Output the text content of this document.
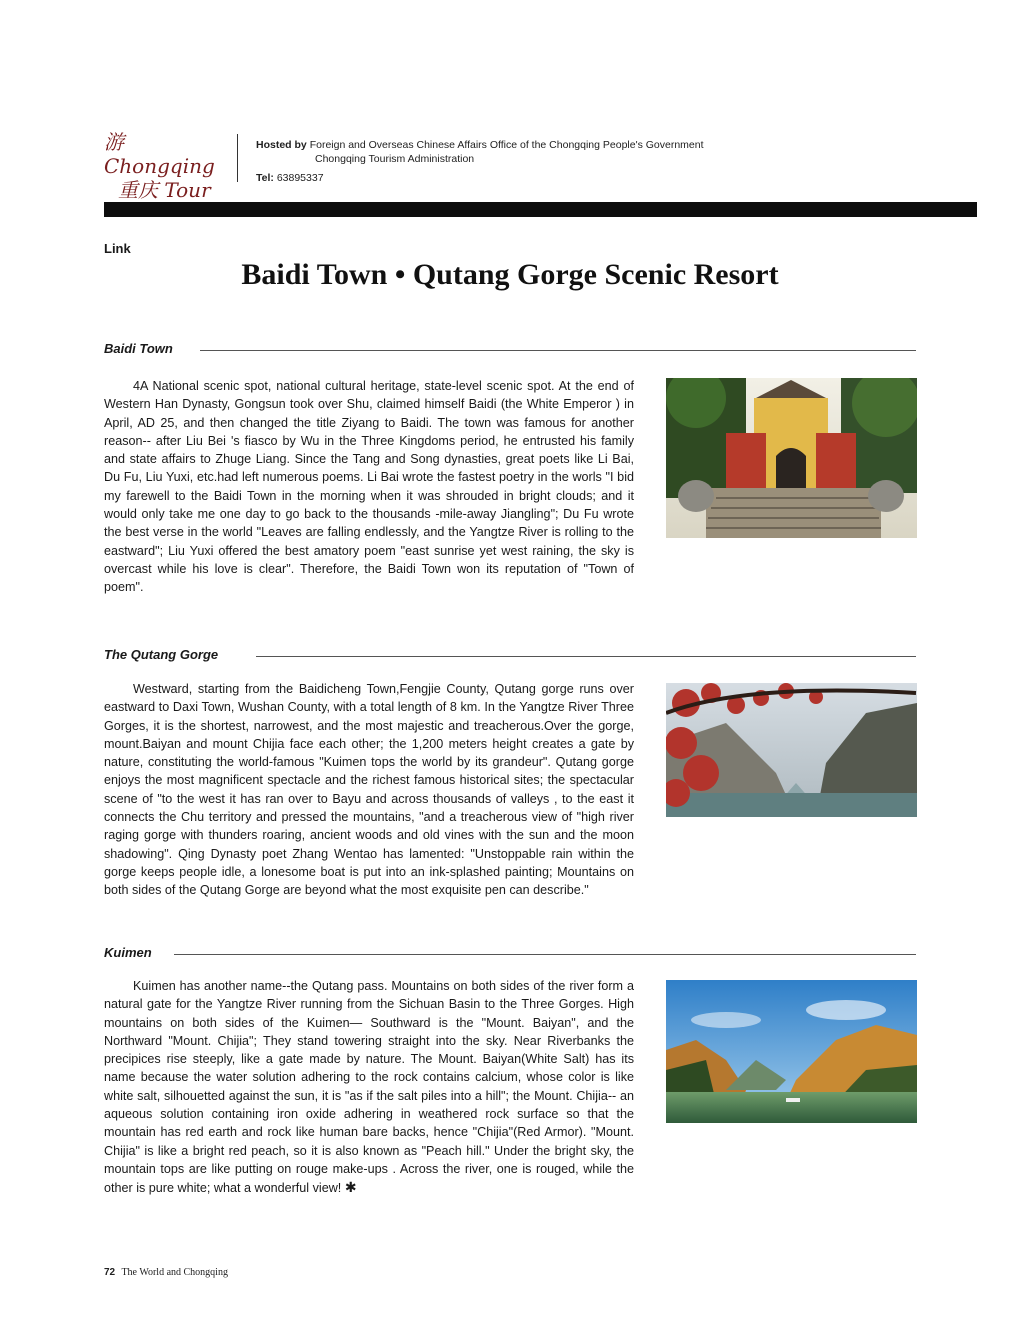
游 Chongqing
重庆 Tour
Hosted by Foreign and Overseas Chinese Affairs Office of the Chongqing People's Government
Chongqing Tourism Administration
Tel: 63895337
Link
Baidi Town • Qutang Gorge Scenic Resort
Baidi Town

4A National scenic spot, national cultural heritage, state-level scenic spot. At the end of Western Han Dynasty, Gongsun took over Shu, claimed himself Baidi (the White Emperor ) in April, AD 25, and then changed the title Ziyang to Baidi. The town was famous for another reason-- after Liu Bei 's fiasco by Wu in the Three Kingdoms period, he entrusted his family and state affairs to Zhuge Liang. Since the Tang and Song dynasties, great poets like Li Bai, Du Fu, Liu Yuxi, etc.had left numerous poems. Li Bai wrote the fastest poetry in the worls "I bid my farewell to the Baidi Town in the morning when it was shrouded in bright clouds; and it would only take me one day to go back to the thousands -mile-away Jiangling"; Du Fu wrote the best verse in the world "Leaves are falling endlessly, and the Yangtze River is rolling to the eastward"; Liu Yuxi offered the best amatory poem "east sunrise yet west raining, the sky is overcast while his love is clear". Therefore, the Baidi Town won its reputation of "Town of poem".

The Qutang Gorge

Westward, starting from the Baidicheng Town,Fengjie County, Qutang gorge runs over eastward to Daxi Town, Wushan County, with a total length of 8 km. In the Yangtze River Three Gorges, it is the shortest, narrowest, and the most majestic and treacherous.Over the gorge, mount.Baiyan and mount Chijia face each other; the 1,200 meters height creates a gate by nature, constituting the world-famous "Kuimen tops the world by its grandeur". Qutang gorge enjoys the most magnificent spectacle and the richest famous historical sites; the spectacular scene of "to the west it has ran over to Bayu and across thousands of valleys , to the east it connects the Chu territory and pressed the mountains, "and a treacherous view of "high river raging gorge with thunders roaring, ancient woods and old vines with the sun and the moon shadowing". Qing Dynasty poet Zhang Wentao has lamented: "Unstoppable rain within the gorge keeps people idle, a lonesome boat is put into an ink-splashed painting; Mountains on both sides of the Qutang Gorge are beyond what the most exquisite pen can describe."

Kuimen

Kuimen has another name--the Qutang pass. Mountains on both sides of the river form a natural gate for the Yangtze River running from the Sichuan Basin to the Three Gorges. High mountains on both sides of the Kuimen— Southward is the "Mount. Baiyan", and the Northward "Mount. Chijia"; They stand towering straight into the sky. Near Riverbanks the precipices rise steeply, like a gate made by nature. The Mount. Baiyan(White Salt) has its name because the water solution adhering to the rock contains calcium, whose color is like white salt, silhouetted against the sun, it is "as if the salt piles into a hill"; the Mount. Chijia-- an aqueous solution containing iron oxide adhering in weathered rock surface so that the mountain has red earth and rock like human bare backs, hence "Chijia"(Red Armor). "Mount. Chijia" is like a bright red peach, so it is also known as "Peach hill." Under the bright sky, the mountain tops are like putting on rouge make-ups . Across the river, one is rouged, while the other is pure white; what a wonderful view! ✱

72 The World and Chongqing
